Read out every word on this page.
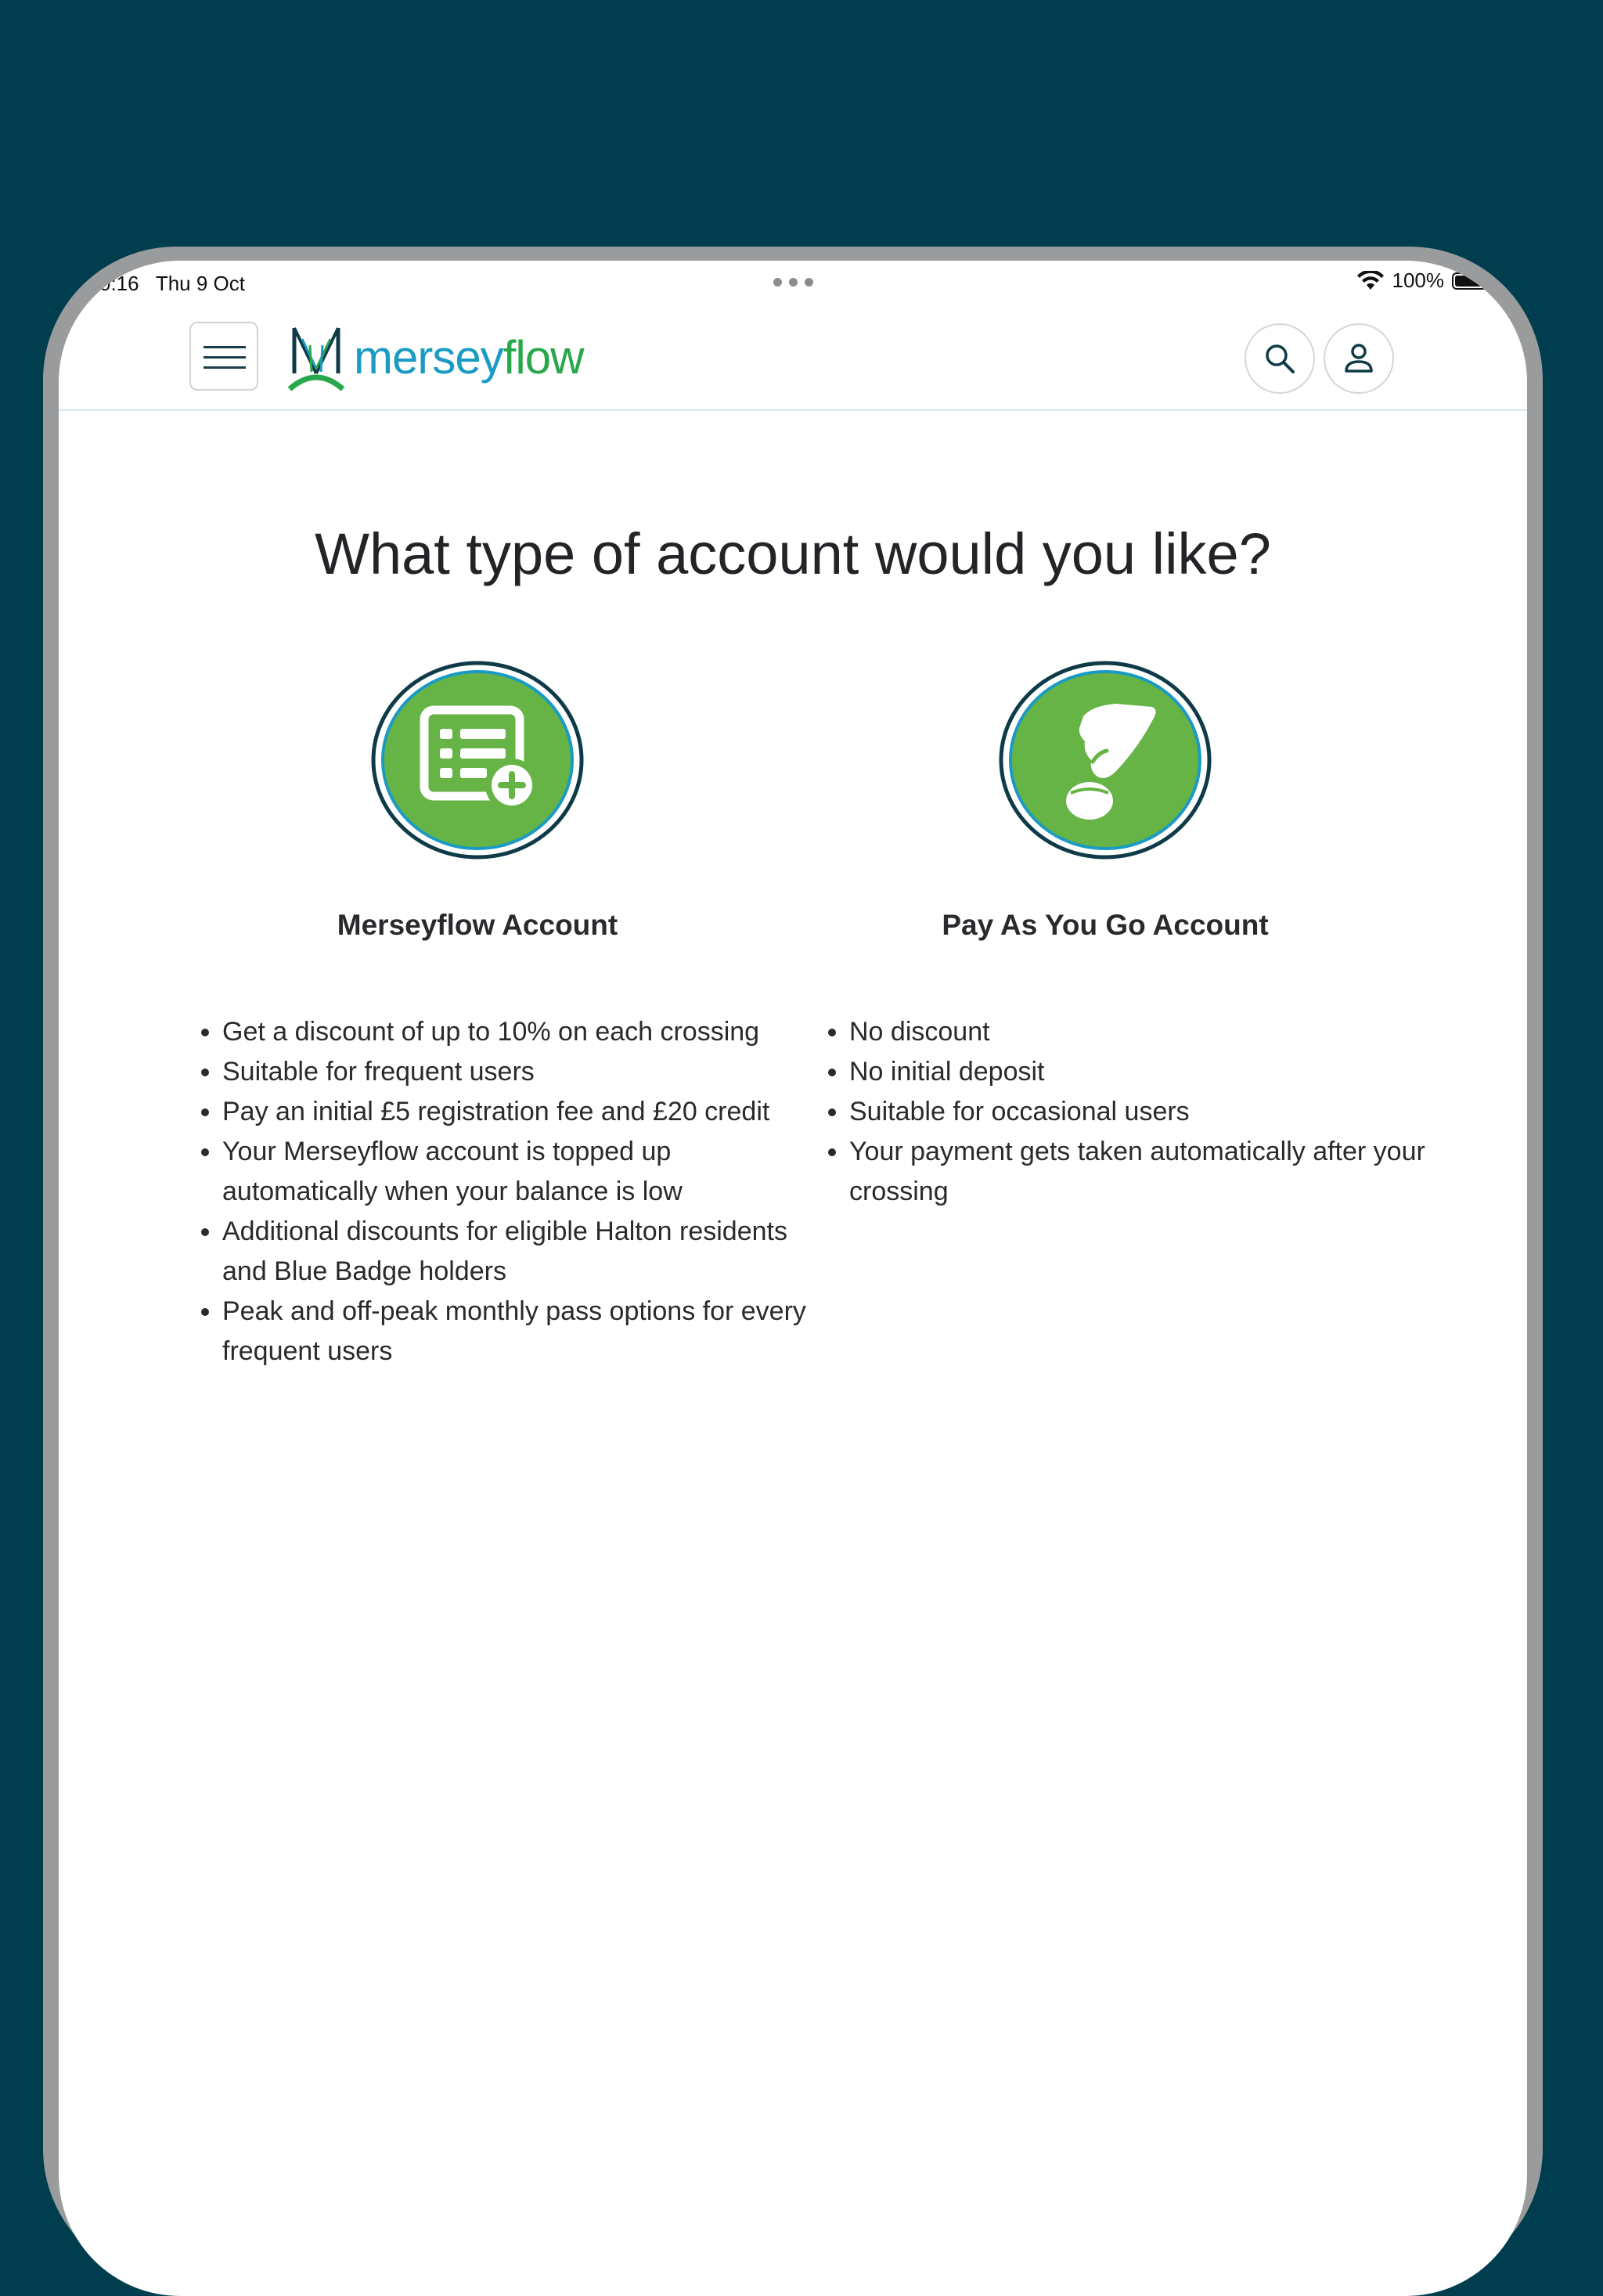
0:16 Thu 9 Oct	100%
merseyflow
What type of account would you like?
Merseyflow Account
• Get a discount of up to 10% on each crossing
• Suitable for frequent users
• Pay an initial £5 registration fee and £20 credit
• Your Merseyflow account is topped up automatically when your balance is low
• Additional discounts for eligible Halton residents and Blue Badge holders
• Peak and off-peak monthly pass options for every frequent users
Pay As You Go Account
• No discount
• No initial deposit
• Suitable for occasional users
• Your payment gets taken automatically after your crossing
